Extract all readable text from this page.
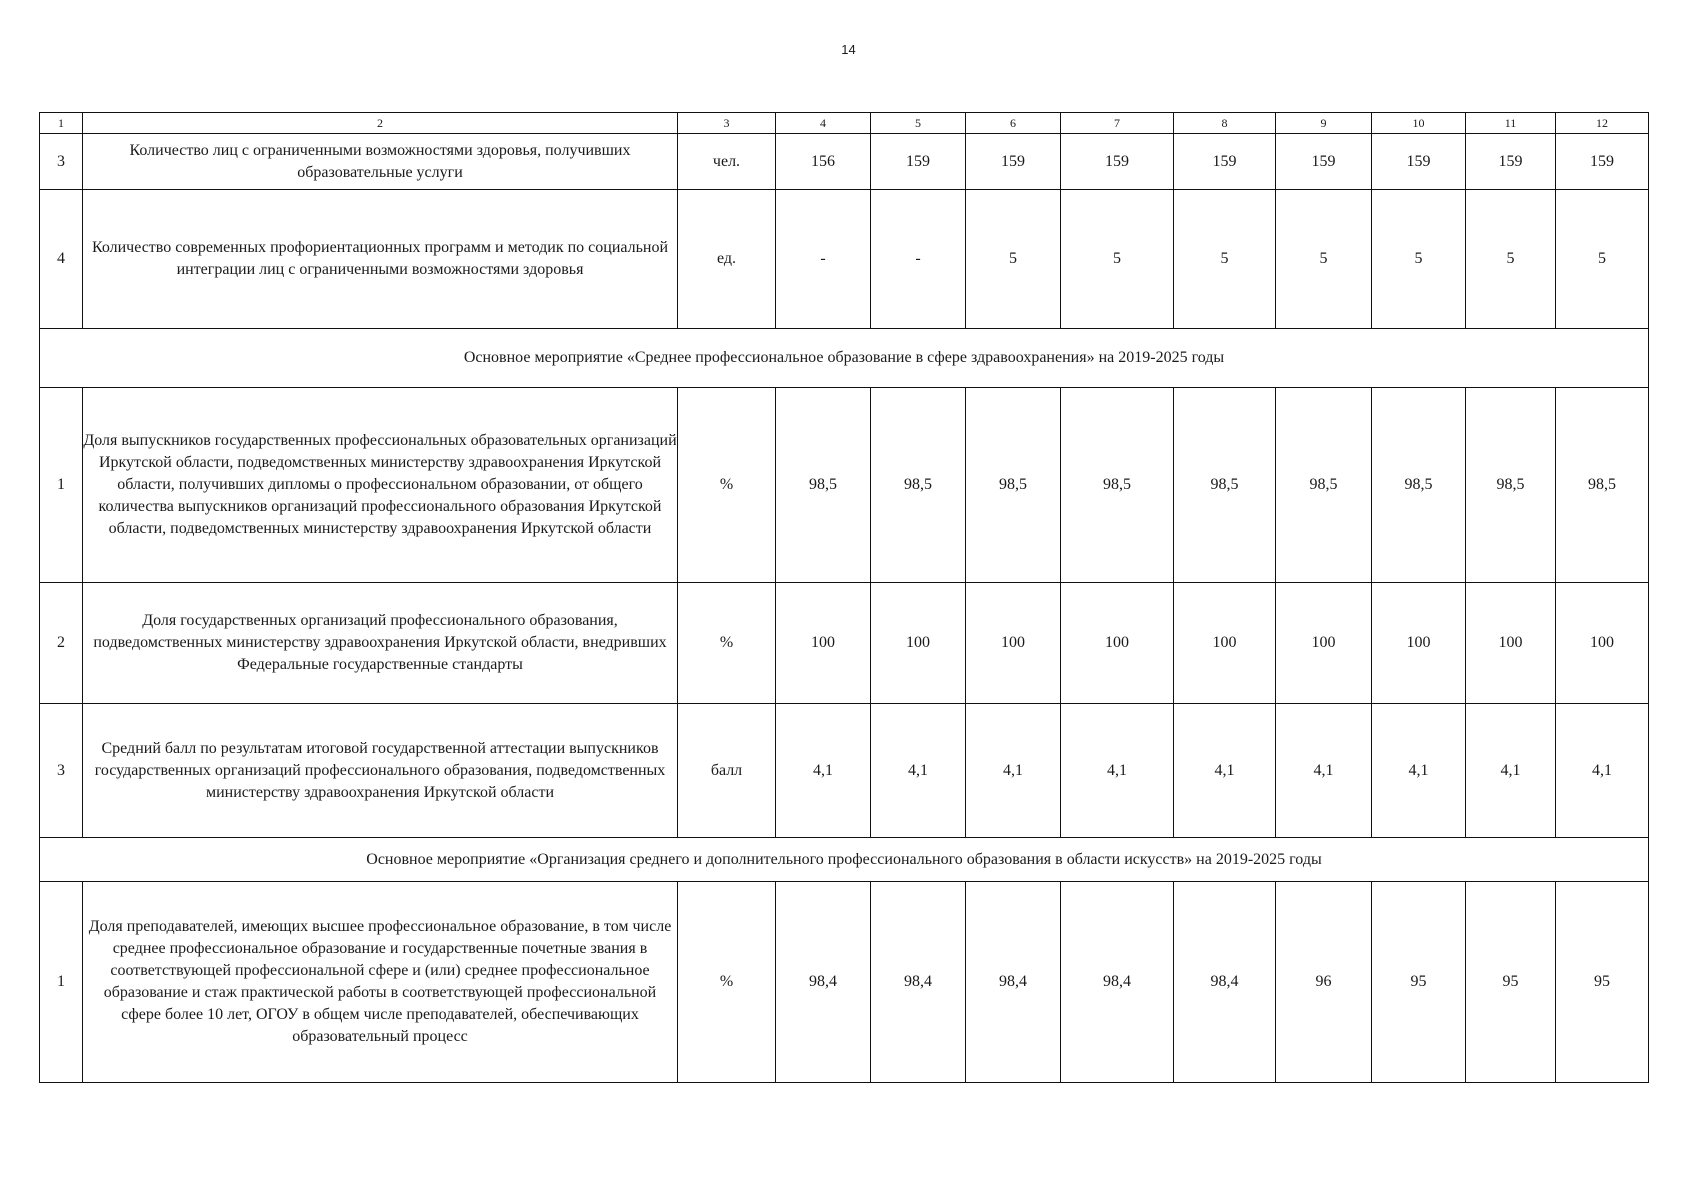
14
1	2	3	4	5	6	7	8	9	10	11	12
3	Количество лиц с ограниченными возможностями здоровья, получивших образовательные услуги	чел.	156	159	159	159	159	159	159	159	159
4	Количество современных профориентационных программ и методик по социальной интеграции лиц с ограниченными возможностями здоровья	ед.	-	-	5	5	5	5	5	5	5
Основное мероприятие «Среднее профессиональное образование в сфере здравоохранения» на 2019-2025 годы											
1	Доля выпускников государственных профессиональных образовательных организаций Иркутской области, подведомственных министерству здравоохранения Иркутской области, получивших дипломы о профессиональном образовании, от общего количества выпускников организаций профессионального образования Иркутской области, подведомственных министерству здравоохранения Иркутской области	%	98,5	98,5	98,5	98,5	98,5	98,5	98,5	98,5	98,5
2	Доля государственных организаций профессионального образования, подведомственных министерству здравоохранения Иркутской области, внедривших Федеральные государственные стандарты	%	100	100	100	100	100	100	100	100	100
3	Средний балл по результатам итоговой государственной аттестации выпускников государственных организаций профессионального образования, подведомственных министерству здравоохранения Иркутской области	балл	4,1	4,1	4,1	4,1	4,1	4,1	4,1	4,1	4,1
Основное мероприятие «Организация среднего и дополнительного профессионального образования в области искусств» на 2019-2025 годы											
1	Доля преподавателей, имеющих высшее профессиональное образование, в том числе среднее профессиональное образование и государственные почетные звания в соответствующей профессиональной сфере и (или) среднее профессиональное образование и стаж практической работы в соответствующей профессиональной сфере более 10 лет, ОГОУ в общем числе преподавателей, обеспечивающих образовательный процесс	%	98,4	98,4	98,4	98,4	98,4	96	95	95	95
